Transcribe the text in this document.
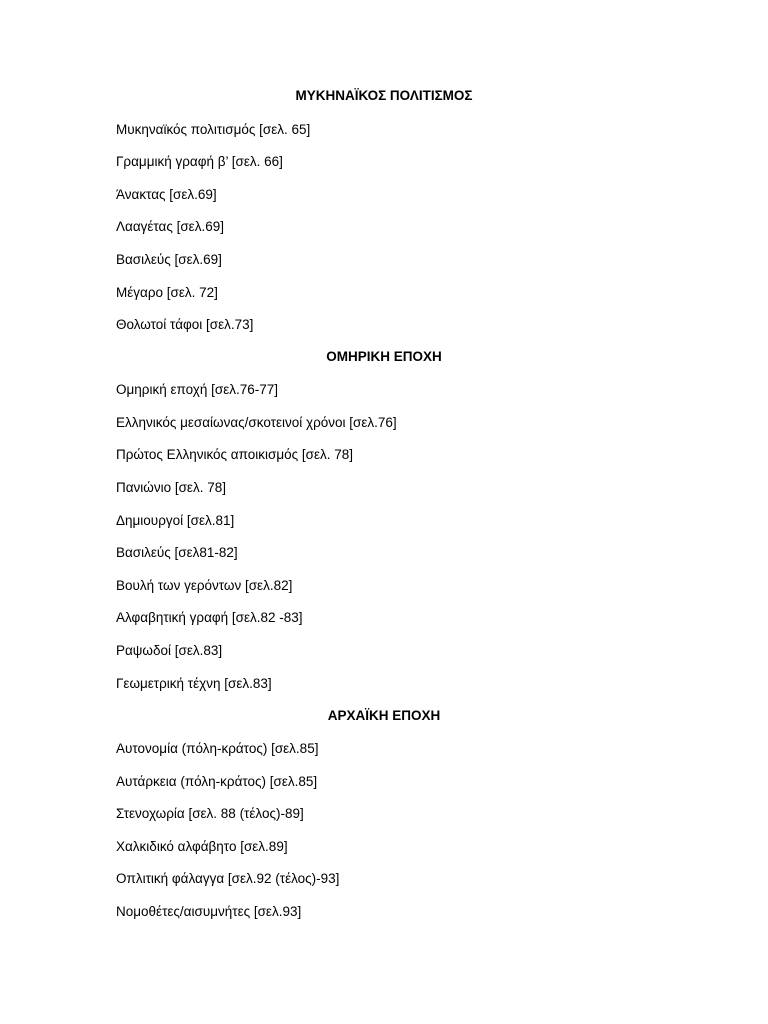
ΜΥΚΗΝΑΪΚΟΣ ΠΟΛΙΤΙΣΜΟΣ
Μυκηναϊκός πολιτισμός [σελ. 65]
Γραμμική γραφή β’ [σελ. 66]
Άνακτας [σελ.69]
Λααγέτας [σελ.69]
Βασιλεύς [σελ.69]
Μέγαρο [σελ. 72]
Θολωτοί τάφοι [σελ.73]
ΟΜΗΡΙΚΗ ΕΠΟΧΗ
Ομηρική εποχή [σελ.76-77]
Ελληνικός μεσαίωνας/σκοτεινοί χρόνοι [σελ.76]
Πρώτος Ελληνικός αποικισμός [σελ. 78]
Πανιώνιο [σελ. 78]
Δημιουργοί [σελ.81]
Βασιλεύς [σελ81-82]
Βουλή των γερόντων [σελ.82]
Αλφαβητική γραφή [σελ.82 -83]
Ραψωδοί [σελ.83]
Γεωμετρική τέχνη [σελ.83]
ΑΡΧΑΪΚΗ ΕΠΟΧΗ
Αυτονομία (πόλη-κράτος) [σελ.85]
Αυτάρκεια (πόλη-κράτος) [σελ.85]
Στενοχωρία [σελ. 88 (τέλος)-89]
Χαλκιδικό αλφάβητο [σελ.89]
Οπλιτική φάλαγγα [σελ.92 (τέλος)-93]
Νομοθέτες/αισυμνήτες [σελ.93]
